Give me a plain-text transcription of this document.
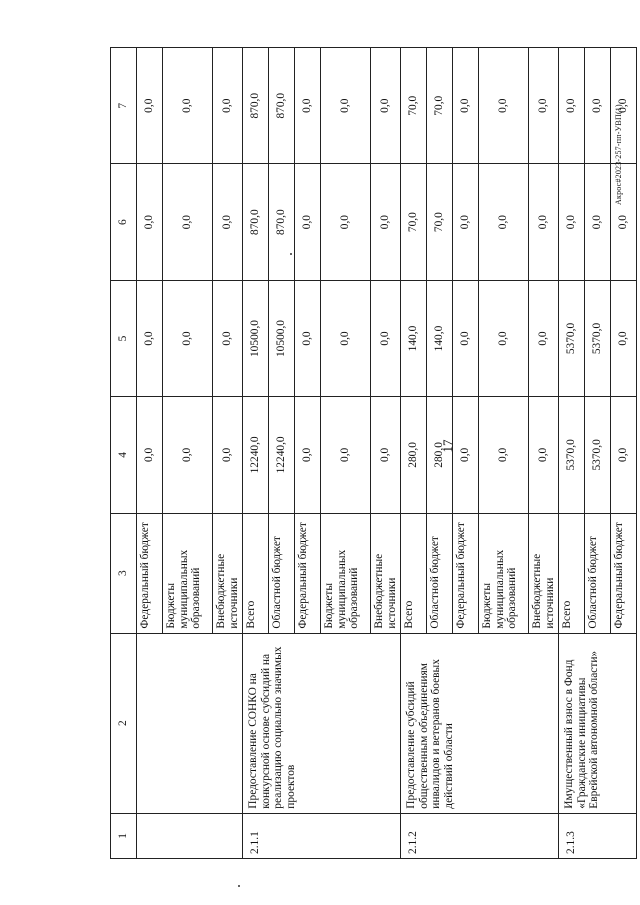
17
1	2	3	4	5	6	7
		Федеральный бюджет	0,0	0,0	0,0	0,0
		Бюджеты муниципальных образований	0,0	0,0	0,0	0,0
		Внебюджетные источники	0,0	0,0	0,0	0,0
2.1.1	Предоставление СОНКО на конкурсной основе субсидий на реализацию социально значимых проектов	Всего	12240,0	10500,0	870,0	870,0
		Областной бюджет	12240,0	10500,0	870,0	870,0
		Федеральный бюджет	0,0	0,0	0,0	0,0
		Бюджеты муниципальных образований	0,0	0,0	0,0	0,0
		Внебюджетные источники	0,0	0,0	0,0	0,0
2.1.2	Предоставление субсидий общественным объединениям инвалидов и ветеранов боевых действий области	Всего	280,0	140,0	70,0	70,0
		Областной бюджет	280,0	140,0	70,0	70,0
		Федеральный бюджет	0,0	0,0	0,0	0,0
		Бюджеты муниципальных образований	0,0	0,0	0,0	0,0
		Внебюджетные источники	0,0	0,0	0,0	0,0
2.1.3	Имущественный взнос в Фонд «Гражданские инициативы Еврейской автономной области»	Всего	5370,0	5370,0	0,0	0,0
		Областной бюджет	5370,0	5370,0	0,0	0,0
		Федеральный бюджет	0,0	0,0	0,0	0,0
Акрос#2023-257-пп-УВП(1)
